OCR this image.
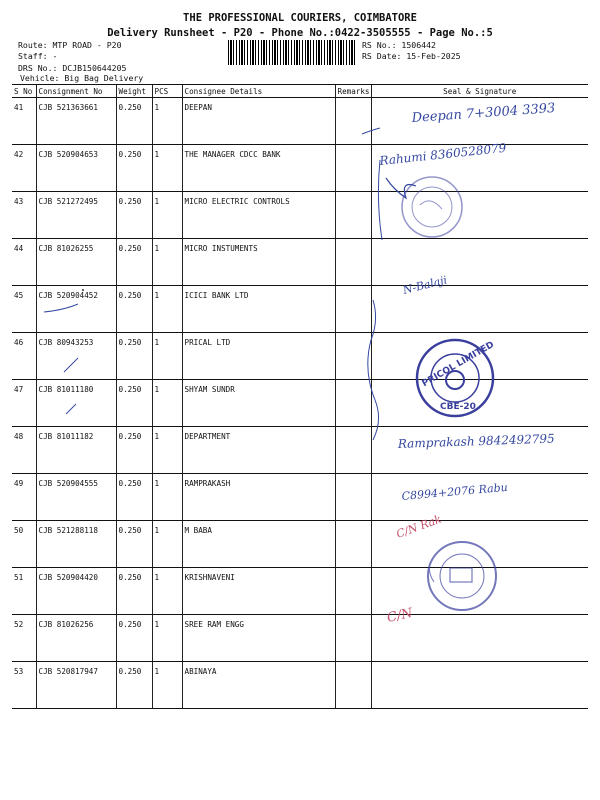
THE PROFESSIONAL COURIERS, COIMBATORE
Delivery Runsheet - P20 - Phone No.:0422-3505555 - Page No.:5
Route: MTP ROAD - P20
Staff: -
DRS No.: DCJB150644205
Vehicle: Big Bag Delivery
RS No.: 1506442
RS Date: 15-Feb-2025
S No	Consignment No	Weight	PCS	Consignee Details	Remarks	Seal & Signature
41	CJB 521363661	0.250	1	DEEPAN		
42	CJB 520904653	0.250	1	THE MANAGER CDCC BANK		
43	CJB 521272495	0.250	1	MICRO ELECTRIC CONTROLS		
44	CJB 81026255	0.250	1	MICRO INSTUMENTS		
45	CJB 520904452	0.250	1	ICICI BANK LTD		
46	CJB 80943253	0.250	1	PRICAL LTD		
47	CJB 81011180	0.250	1	SHYAM SUNDR		
48	CJB 81011182	0.250	1	DEPARTMENT		
49	CJB 520904555	0.250	1	RAMPRAKASH		
50	CJB 521288118	0.250	1	M BABA		
51	CJB 520904420	0.250	1	KRISHNAVENI		
52	CJB 81026256	0.250	1	SREE RAM ENGG		
53	CJB 520817947	0.250	1	ABINAYA		
Deepan 7+3004 3393
Rahumi 8360528079
N-Balaji
Ramprakash 9842492795
C8994+2076 Rabu
C/N Rak
C/N
PRICOL LIMITED
CBE-20
